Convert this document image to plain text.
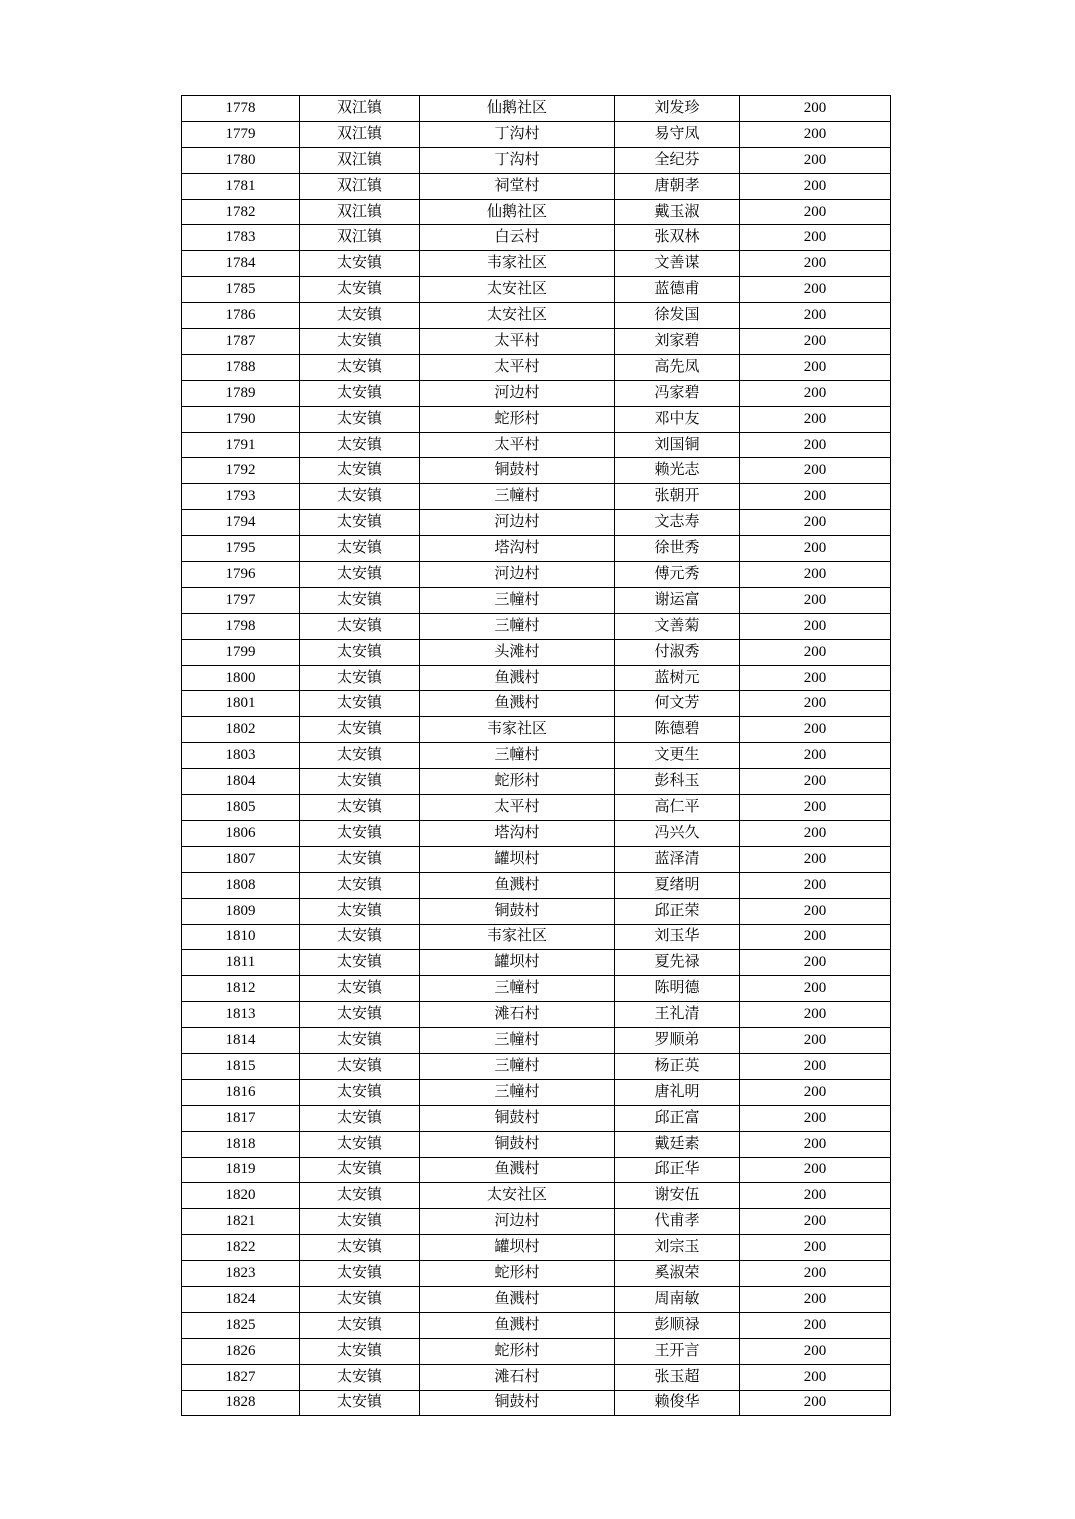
1778	双江镇	仙鹅社区	刘发珍	200
1779	双江镇	丁沟村	易守凤	200
1780	双江镇	丁沟村	全纪芬	200
1781	双江镇	祠堂村	唐朝孝	200
1782	双江镇	仙鹅社区	戴玉淑	200
1783	双江镇	白云村	张双林	200
1784	太安镇	韦家社区	文善谋	200
1785	太安镇	太安社区	蓝德甫	200
1786	太安镇	太安社区	徐发国	200
1787	太安镇	太平村	刘家碧	200
1788	太安镇	太平村	高先凤	200
1789	太安镇	河边村	冯家碧	200
1790	太安镇	蛇形村	邓中友	200
1791	太安镇	太平村	刘国铜	200
1792	太安镇	铜鼓村	赖光志	200
1793	太安镇	三幢村	张朝开	200
1794	太安镇	河边村	文志寿	200
1795	太安镇	塔沟村	徐世秀	200
1796	太安镇	河边村	傅元秀	200
1797	太安镇	三幢村	谢运富	200
1798	太安镇	三幢村	文善菊	200
1799	太安镇	头滩村	付淑秀	200
1800	太安镇	鱼溅村	蓝树元	200
1801	太安镇	鱼溅村	何文芳	200
1802	太安镇	韦家社区	陈德碧	200
1803	太安镇	三幢村	文更生	200
1804	太安镇	蛇形村	彭科玉	200
1805	太安镇	太平村	高仁平	200
1806	太安镇	塔沟村	冯兴久	200
1807	太安镇	罐坝村	蓝泽清	200
1808	太安镇	鱼溅村	夏绪明	200
1809	太安镇	铜鼓村	邱正荣	200
1810	太安镇	韦家社区	刘玉华	200
1811	太安镇	罐坝村	夏先禄	200
1812	太安镇	三幢村	陈明德	200
1813	太安镇	滩石村	王礼清	200
1814	太安镇	三幢村	罗顺弟	200
1815	太安镇	三幢村	杨正英	200
1816	太安镇	三幢村	唐礼明	200
1817	太安镇	铜鼓村	邱正富	200
1818	太安镇	铜鼓村	戴廷素	200
1819	太安镇	鱼溅村	邱正华	200
1820	太安镇	太安社区	谢安伍	200
1821	太安镇	河边村	代甫孝	200
1822	太安镇	罐坝村	刘宗玉	200
1823	太安镇	蛇形村	奚淑荣	200
1824	太安镇	鱼溅村	周南敏	200
1825	太安镇	鱼溅村	彭顺禄	200
1826	太安镇	蛇形村	王开言	200
1827	太安镇	滩石村	张玉超	200
1828	太安镇	铜鼓村	赖俊华	200
